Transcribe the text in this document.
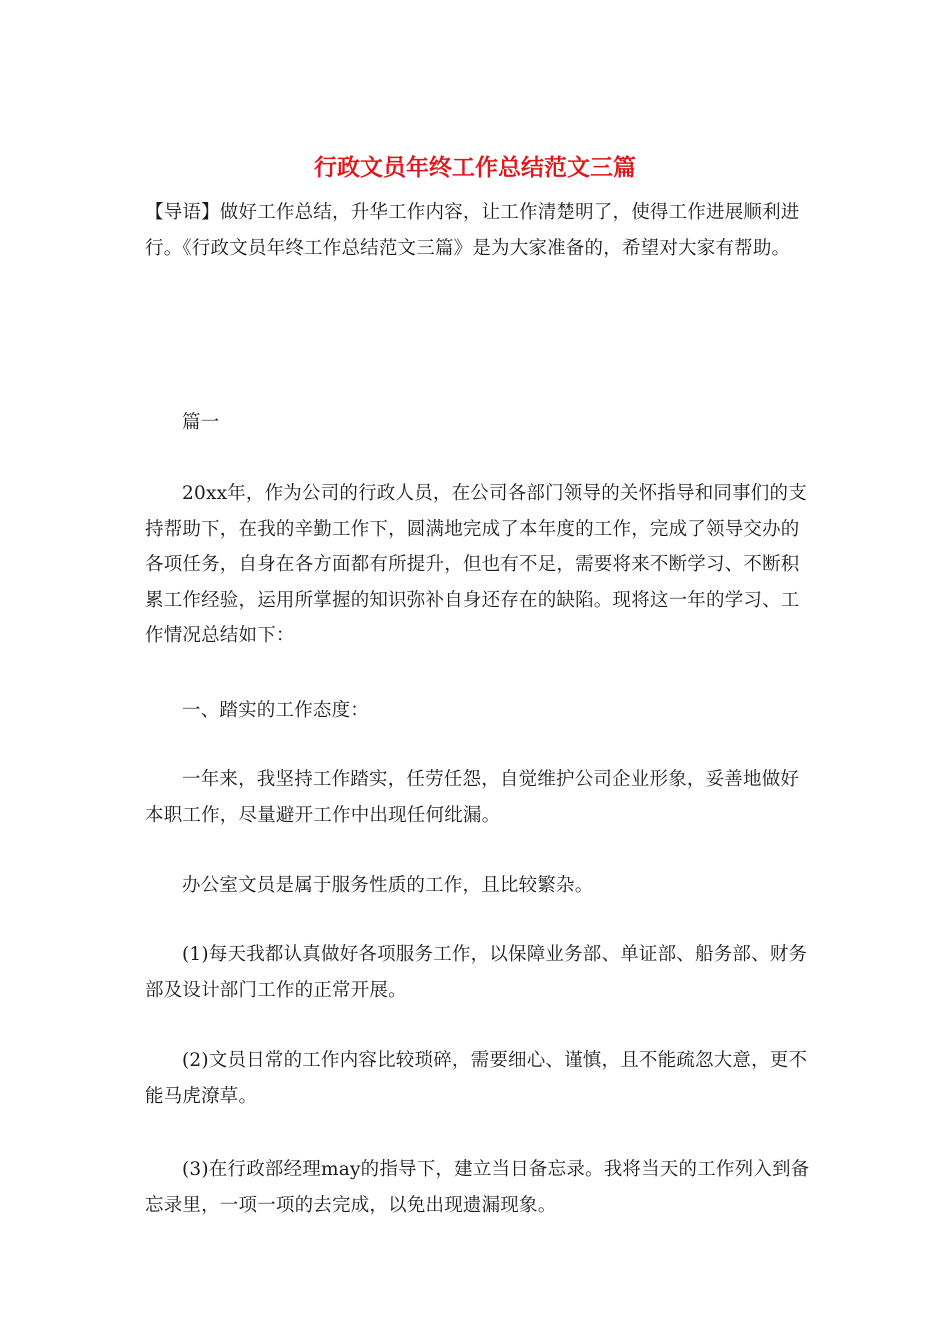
行政文员年终工作总结范文三篇

【导语】做好工作总结，升华工作内容，让工作清楚明了，使得工作进展顺利进行。《行政文员年终工作总结范文三篇》是为大家准备的，希望对大家有帮助。

篇一

20xx年，作为公司的行政人员，在公司各部门领导的关怀指导和同事们的支持帮助下，在我的辛勤工作下，圆满地完成了本年度的工作，完成了领导交办的各项任务，自身在各方面都有所提升，但也有不足，需要将来不断学习、不断积累工作经验，运用所掌握的知识弥补自身还存在的缺陷。现将这一年的学习、工作情况总结如下：

一、踏实的工作态度：

一年来，我坚持工作踏实，任劳任怨，自觉维护公司企业形象，妥善地做好本职工作，尽量避开工作中出现任何纰漏。

办公室文员是属于服务性质的工作，且比较繁杂。

(1)每天我都认真做好各项服务工作，以保障业务部、单证部、船务部、财务部及设计部门工作的正常开展。

(2)文员日常的工作内容比较琐碎，需要细心、谨慎，且不能疏忽大意，更不能马虎潦草。

(3)在行政部经理may的指导下，建立当日备忘录。我将当天的工作列入到备忘录里，一项一项的去完成，以免出现遗漏现象。
